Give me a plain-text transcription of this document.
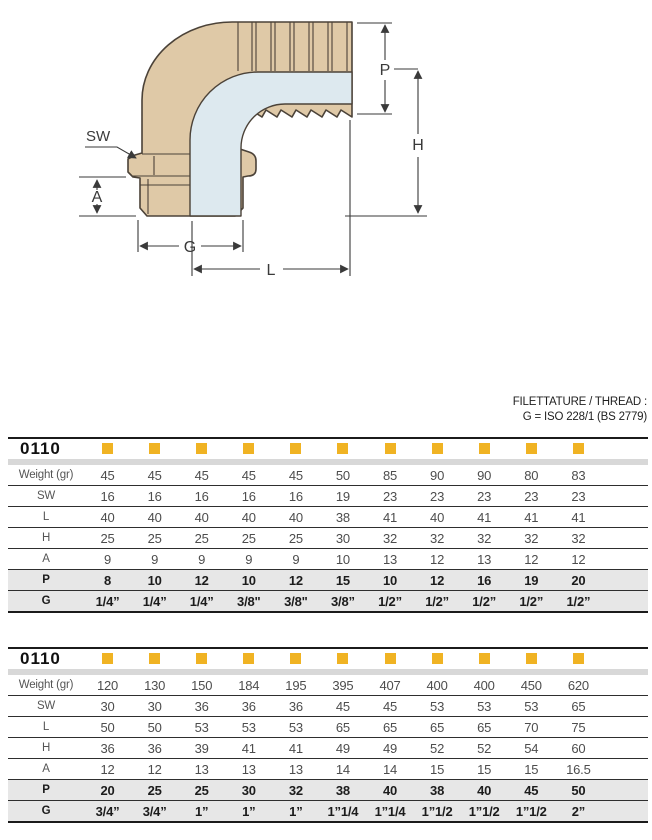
SW
A
G
L
P
H
FILETTATURE / THREAD :
G = ISO 228/1 (BS 2779)
0110												

Weight (gr)	45	45	45	45	45	50	85	90	90	80	83	
SW	16	16	16	16	16	19	23	23	23	23	23	
L	40	40	40	40	40	38	41	40	41	41	41	
H	25	25	25	25	25	30	32	32	32	32	32	
A	9	9	9	9	9	10	13	12	13	12	12	
P	8	10	12	10	12	15	10	12	16	19	20	
G	1/4”	1/4”	1/4”	3/8"	3/8"	3/8”	1/2”	1/2”	1/2”	1/2”	1/2”	
0110												

Weight (gr)	120	130	150	184	195	395	407	400	400	450	620	
SW	30	30	36	36	36	45	45	53	53	53	65	
L	50	50	53	53	53	65	65	65	65	70	75	
H	36	36	39	41	41	49	49	52	52	54	60	
A	12	12	13	13	13	14	14	15	15	15	16.5	
P	20	25	25	30	32	38	40	38	40	45	50	
G	3/4”	3/4”	1”	1”	1”	1”1/4	1”1/4	1”1/2	1”1/2	1”1/2	2”	
